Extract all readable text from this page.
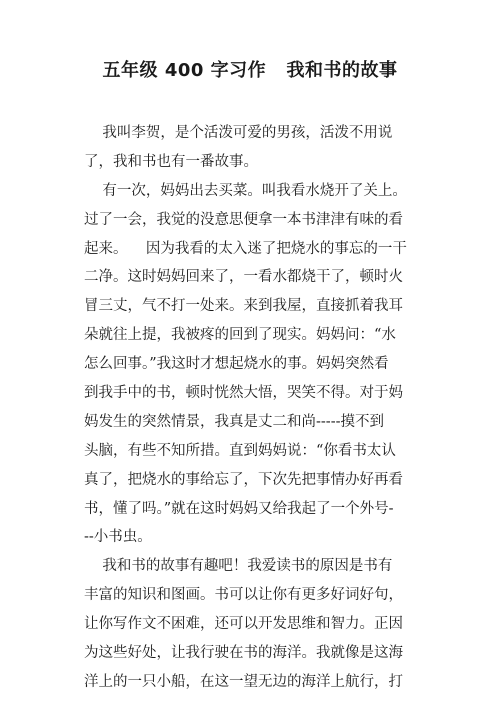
五年级 400 字习作   我和书的故事
我叫李贺，是个活泼可爱的男孩，活泼不用说
了，我和书也有一番故事。
有一次，妈妈出去买菜。叫我看水烧开了关上。
过了一会，我觉的没意思便拿一本书津津有味的看
起来。    因为我看的太入迷了把烧水的事忘的一干
二净。这时妈妈回来了，一看水都烧干了，顿时火
冒三丈，气不打一处来。来到我屋，直接抓着我耳
朵就往上提，我被疼的回到了现实。妈妈问：“水
怎么回事。”我这时才想起烧水的事。妈妈突然看
到我手中的书，顿时恍然大悟，哭笑不得。对于妈
妈发生的突然情景，我真是丈二和尚-----摸不到
头脑，有些不知所措。直到妈妈说：“你看书太认
真了，把烧水的事给忘了，下次先把事情办好再看
书，懂了吗。”就在这时妈妈又给我起了一个外号-
--小书虫。
我和书的故事有趣吧！我爱读书的原因是书有
丰富的知识和图画。书可以让你有更多好词好句，
让你写作文不困难，还可以开发思维和智力。正因
为这些好处，让我行驶在书的海洋。我就像是这海
洋上的一只小船，在这一望无边的海洋上航行，打
